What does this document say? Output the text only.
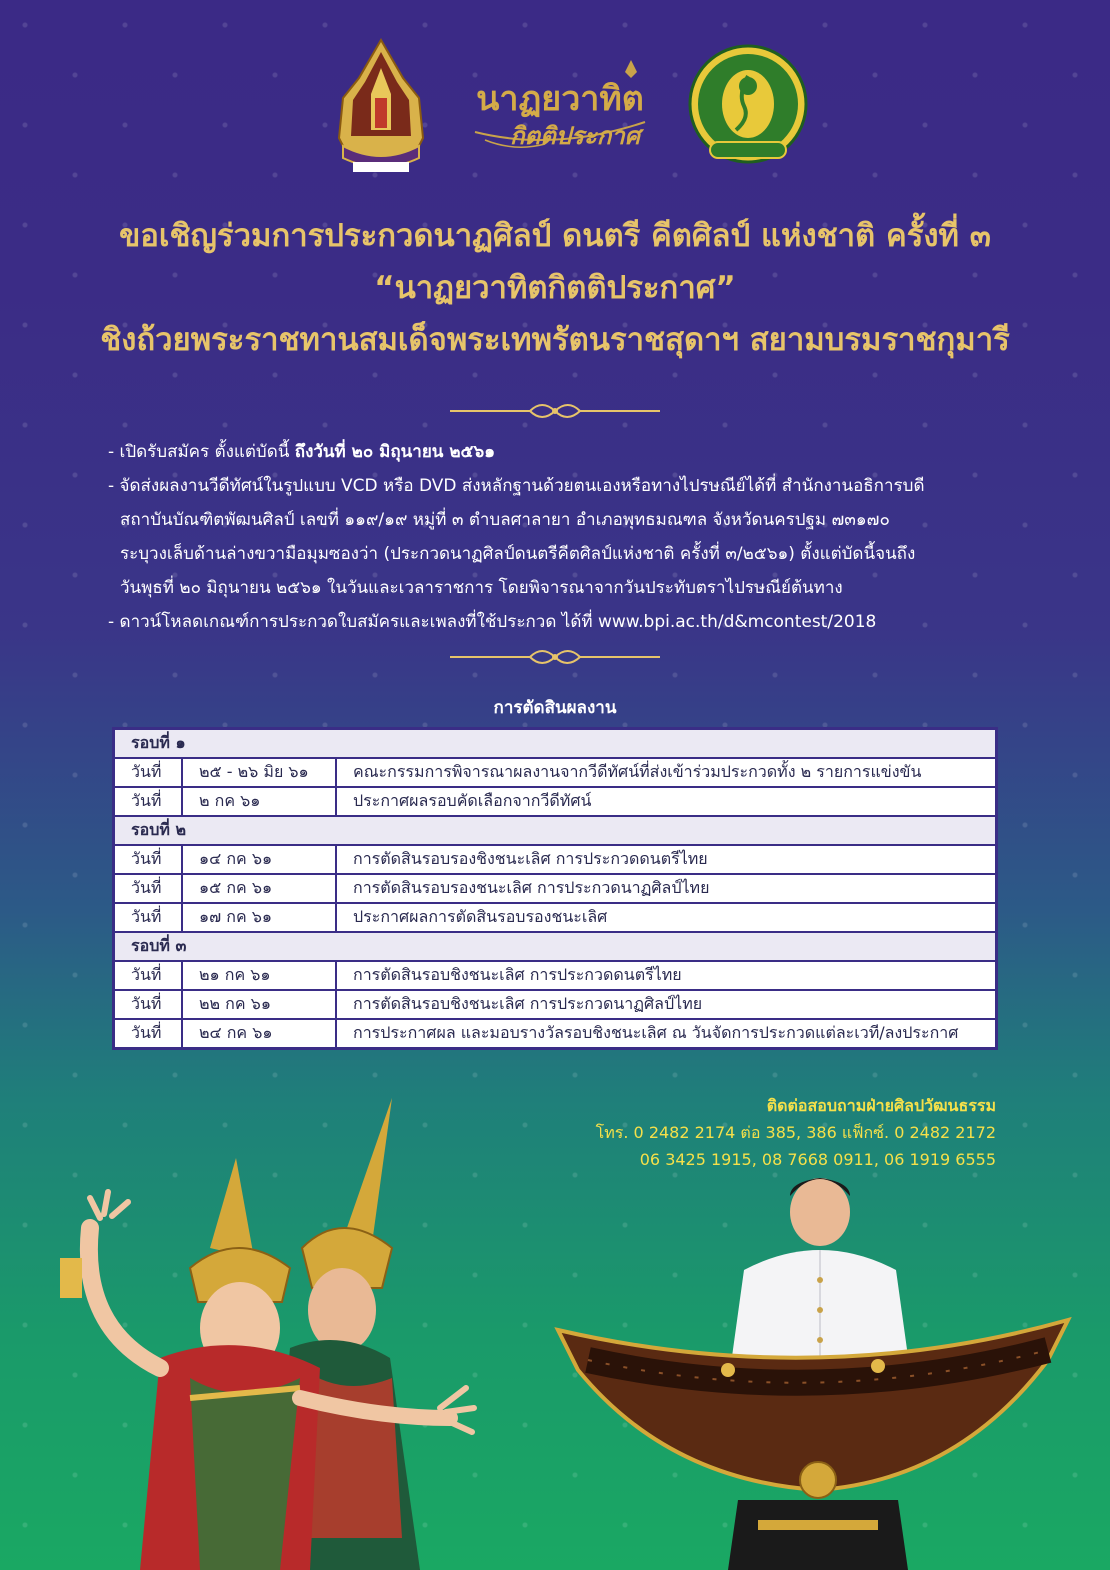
นาฏยวาทิต
กิตติประกาศ
ขอเชิญร่วมการประกวดนาฏศิลป์ ดนตรี คีตศิลป์ แห่งชาติ ครั้งที่ ๓
“นาฏยวาทิตกิตติประกาศ”
ชิงถ้วยพระราชทานสมเด็จพระเทพรัตนราชสุดาฯ สยามบรมราชกุมารี

- เปิดรับสมัคร ตั้งแต่บัดนี้ ถึงวันที่ ๒๐ มิถุนายน ๒๕๖๑

- จัดส่งผลงานวีดีทัศน์ในรูปแบบ VCD หรือ DVD ส่งหลักฐานด้วยตนเองหรือทางไปรษณีย์ได้ที่ สำนักงานอธิการบดี

สถาบันบัณฑิตพัฒนศิลป์ เลขที่ ๑๑๙/๑๙ หมู่ที่ ๓ ตำบลศาลายา อำเภอพุทธมณฑล จังหวัดนครปฐม ๗๓๑๗๐

ระบุวงเล็บด้านล่างขวามือมุมซองว่า (ประกวดนาฏศิลป์ดนตรีคีตศิลป์แห่งชาติ ครั้งที่ ๓/๒๕๖๑) ตั้งแต่บัดนี้จนถึง

วันพุธที่ ๒๐ มิถุนายน ๒๕๖๑ ในวันและเวลาราชการ โดยพิจารณาจากวันประทับตราไปรษณีย์ต้นทาง

- ดาวน์โหลดเกณฑ์การประกวดใบสมัครและเพลงที่ใช้ประกวด ได้ที่ www.bpi.ac.th/d&mcontest/2018

การตัดสินผลงาน
รอบที่ ๑		
วันที่	๒๕ - ๒๖ มิย ๖๑	คณะกรรมการพิจารณาผลงานจากวีดีทัศน์ที่ส่งเข้าร่วมประกวดทั้ง ๒ รายการแข่งขัน
วันที่	๒ กค ๖๑	ประกาศผลรอบคัดเลือกจากวีดีทัศน์
รอบที่ ๒		
วันที่	๑๔ กค ๖๑	การตัดสินรอบรองชิงชนะเลิศ การประกวดดนตรีไทย
วันที่	๑๕ กค ๖๑	การตัดสินรอบรองชนะเลิศ การประกวดนาฏศิลป์ไทย
วันที่	๑๗ กค ๖๑	ประกาศผลการตัดสินรอบรองชนะเลิศ
รอบที่ ๓		
วันที่	๒๑ กค ๖๑	การตัดสินรอบชิงชนะเลิศ การประกวดดนตรีไทย
วันที่	๒๒ กค ๖๑	การตัดสินรอบชิงชนะเลิศ การประกวดนาฏศิลป์ไทย
วันที่	๒๔ กค ๖๑	การประกาศผล และมอบรางวัลรอบชิงชนะเลิศ ณ วันจัดการประกวดแต่ละเวที/ลงประกาศ

ติดต่อสอบถามฝ่ายศิลปวัฒนธรรม

โทร. 0 2482 2174 ต่อ 385, 386 แฟ็กซ์. 0 2482 2172

06 3425 1915, 08 7668 0911, 06 1919 6555
